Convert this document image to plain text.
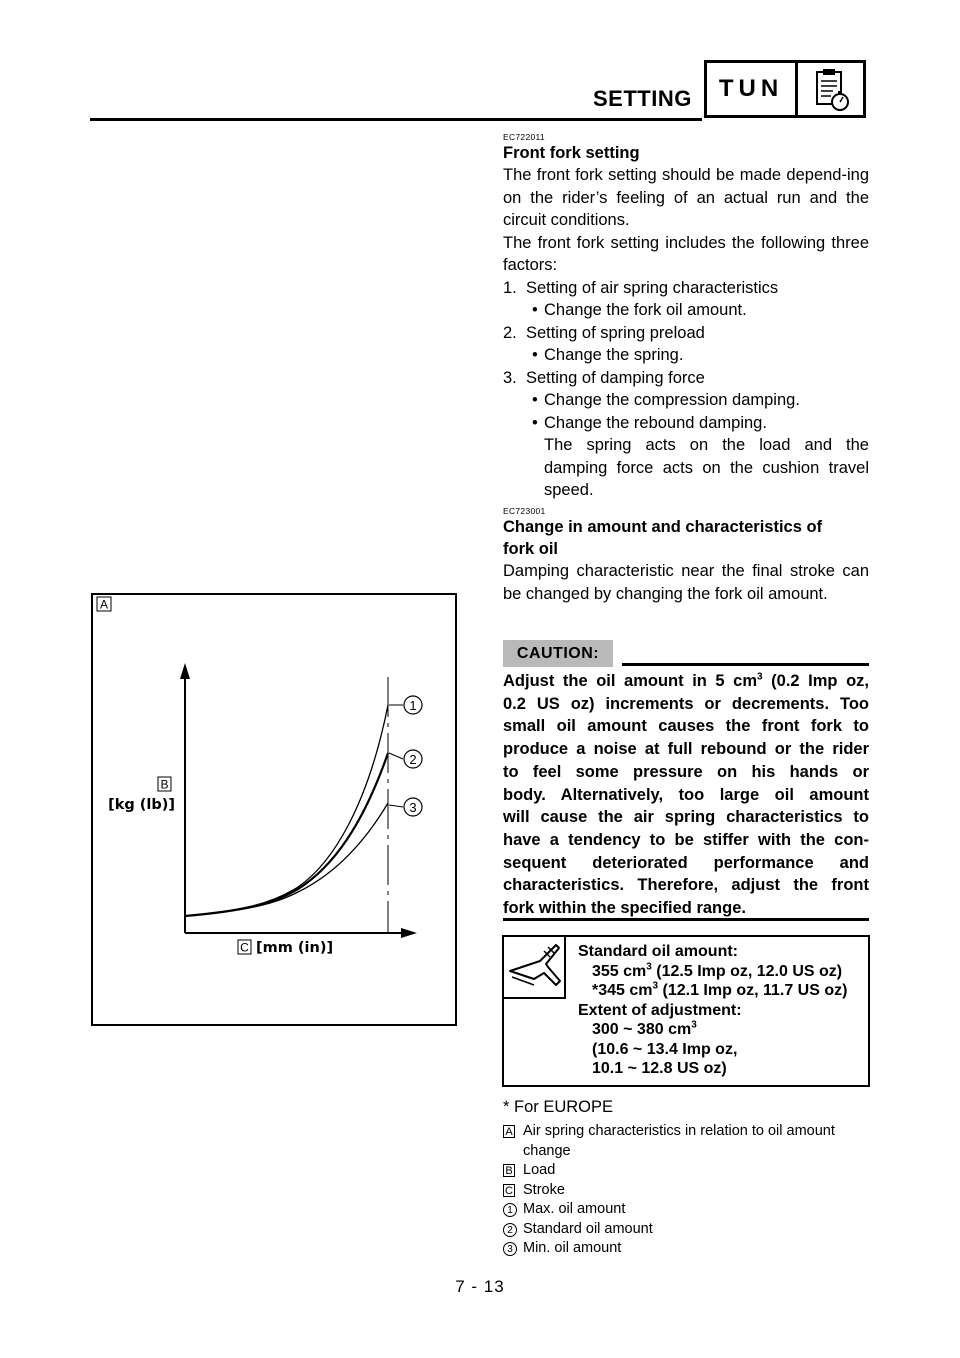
SETTING	TUN
EC722011
Front fork setting
The front fork setting should be made depend-ing on the rider’s feeling of an actual run and the circuit conditions.
The front fork setting includes the following three factors:
1. Setting of air spring characteristics
• Change the fork oil amount.
2. Setting of spring preload
• Change the spring.
3. Setting of damping force
• Change the compression damping.
• Change the rebound damping.
The spring acts on the load and the damping force acts on the cushion travel speed.
EC723001
Change in amount and characteristics of fork oil
Damping characteristic near the final stroke can be changed by changing the fork oil amount.
CAUTION:
Adjust the oil amount in 5 $cm^3$ (0.2 Imp oz,
0.2 US oz) increments or decrements. Too
small oil amount causes the front fork to
produce a noise at full rebound or the rider
to feel some pressure on his hands or
body. Alternatively, too large oil amount
will cause the air spring characteristics to
have a tendency to be stiffer with the con-
sequent deteriorated performance and
characteristics. Therefore, adjust the front
fork within the specified range.
Standard oil amount:
355 $cm^3$ (12.5 Imp oz, 12.0 US oz)
*345 $cm^3$ (12.1 Imp oz, 11.7 US oz)
Extent of adjustment:
300 ~ 380 $cm^3$
(10.6 ~ 13.4 Imp oz,
10.1 ~ 12.8 US oz)
* For EUROPE
A Air spring characteristics in relation to oil amount change
B Load
C Stroke
1 Max. oil amount
2 Standard oil amount
3 Min. oil amount
A
1
2
3
B
[kg (lb)]
C [mm (in)]
7 - 13
